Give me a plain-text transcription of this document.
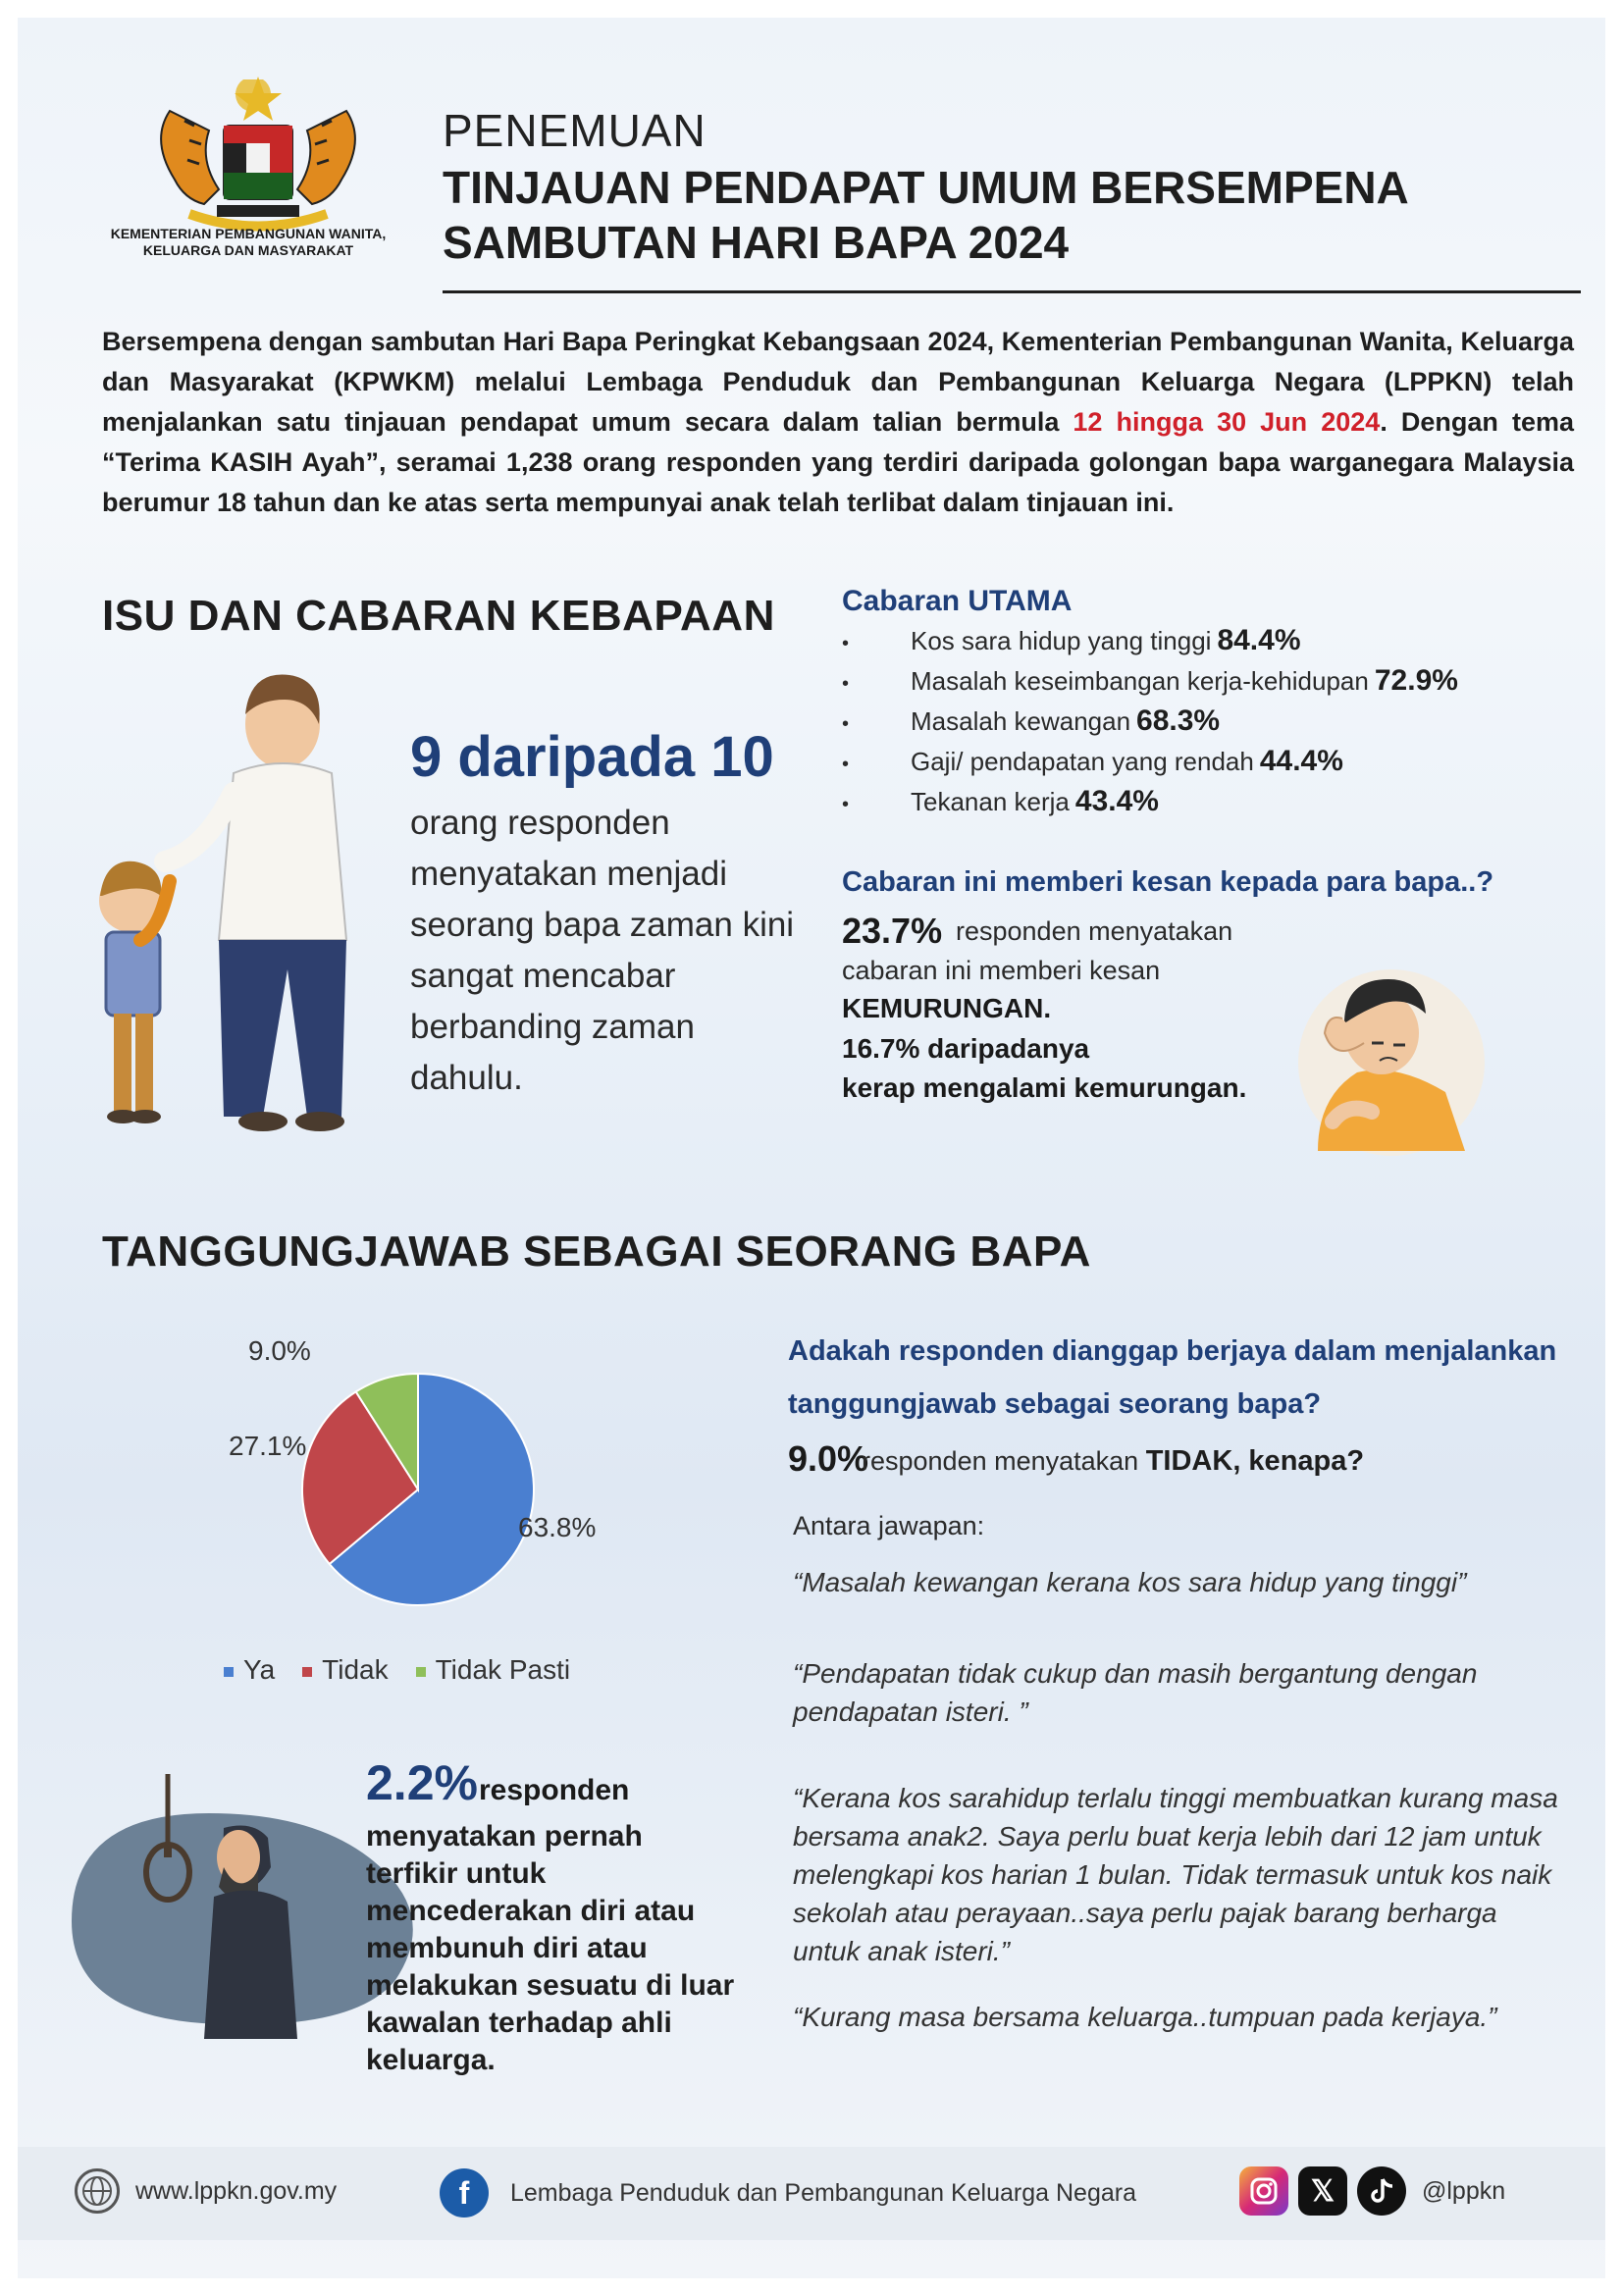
KEMENTERIAN PEMBANGUNAN WANITA,
KELUARGA DAN MASYARAKAT
PENEMUAN
TINJAUAN PENDAPAT UMUM BERSEMPENA
SAMBUTAN HARI BAPA 2024

Bersempena dengan sambutan Hari Bapa Peringkat Kebangsaan 2024, Kementerian Pembangunan Wanita, Keluarga dan Masyarakat (KPWKM) melalui Lembaga Penduduk dan Pembangunan Keluarga Negara (LPPKN) telah menjalankan satu tinjauan pendapat umum secara dalam talian bermula 12 hingga 30 Jun 2024. Dengan tema “Terima KASIH Ayah”, seramai 1,238 orang responden yang terdiri daripada golongan bapa warganegara Malaysia berumur 18 tahun dan ke atas serta mempunyai anak telah terlibat dalam tinjauan ini.

ISU DAN CABARAN KEBAPAAN
9 daripada 10
orang responden menyatakan menjadi seorang bapa zaman kini sangat mencabar berbanding zaman dahulu.
Cabaran UTAMA
•	Kos sara hidup yang tinggi 84.4%
•	Masalah keseimbangan kerja-kehidupan 72.9%
•	Masalah kewangan 68.3%
•	Gaji/ pendapatan yang rendah 44.4%
•	Tekanan kerja 43.4%
Cabaran ini memberi kesan kepada para bapa..?
23.7% responden menyatakan
cabaran ini memberi kesan
KEMURUNGAN.
16.7% daripadanya
kerap mengalami kemurungan.
TANGGUNGJAWAB SEBAGAI SEORANG BAPA
63.8%
27.1%
9.0%
Ya	Tidak	Tidak Pasti
Adakah responden dianggap berjaya dalam menjalankan tanggungjawab sebagai seorang bapa?
9.0%
responden menyatakan TIDAK, kenapa?
Antara jawapan:
“Masalah kewangan kerana kos sara hidup yang tinggi”
“Pendapatan tidak cukup dan masih bergantung dengan pendapatan isteri. ”
“Kerana kos sarahidup terlalu tinggi membuatkan kurang masa bersama anak2. Saya perlu buat kerja lebih dari 12 jam untuk melengkapi kos harian 1 bulan. Tidak termasuk untuk kos naik sekolah atau perayaan..saya perlu pajak barang berharga untuk anak isteri.”
“Kurang masa bersama keluarga..tumpuan pada kerjaya.”
2.2% responden
menyatakan pernah terfikir untuk mencederakan diri atau membunuh diri atau melakukan sesuatu di luar kawalan terhadap ahli keluarga.
www.lppkn.gov.my	f	Lembaga Penduduk dan Pembangunan Keluarga Negara	𝕏	@lppkn
